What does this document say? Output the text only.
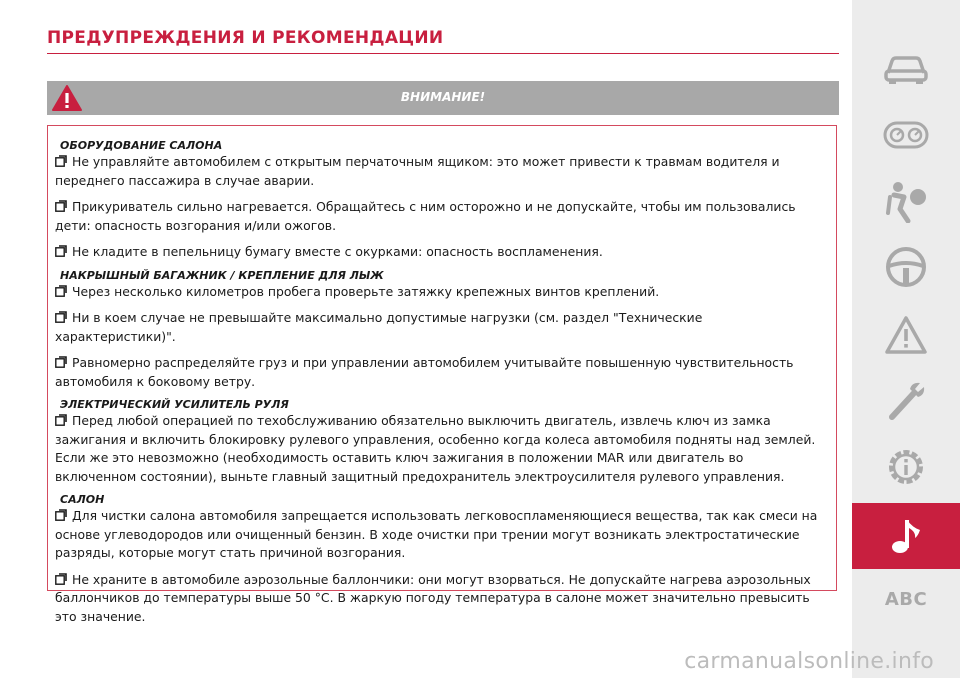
ПРЕДУПРЕЖДЕНИЯ И РЕКОМЕНДАЦИИ
ВНИМАНИЕ!
ОБОРУДОВАНИЕ САЛОНА
Не управляйте автомобилем с открытым перчаточным ящиком: это может привести к травмам водителя и переднего пассажира в случае аварии.
Прикуриватель сильно нагревается. Обращайтесь с ним осторожно и не допускайте, чтобы им пользовались дети: опасность возгорания и/или ожогов.
Не кладите в пепельницу бумагу вместе с окурками: опасность воспламенения.
НАКРЫШНЫЙ БАГАЖНИК / КРЕПЛЕНИЕ ДЛЯ ЛЫЖ
Через несколько километров пробега проверьте затяжку крепежных винтов креплений.
Ни в коем случае не превышайте максимально допустимые нагрузки (см. раздел "Технические характеристики)".
Равномерно распределяйте груз и при управлении автомобилем учитывайте повышенную чувствительность автомобиля к боковому ветру.
ЭЛЕКТРИЧЕСКИЙ УСИЛИТЕЛЬ РУЛЯ
Перед любой операцией по техобслуживанию обязательно выключить двигатель, извлечь ключ из замка зажигания и включить блокировку рулевого управления, особенно когда колеса автомобиля подняты над землей. Если же это невозможно (необходимость оставить ключ зажигания в положении MAR или двигатель во включенном состоянии), выньте главный защитный предохранитель электроусилителя рулевого управления.
САЛОН
Для чистки салона автомобиля запрещается использовать легковоспламеняющиеся вещества, так как смеси на основе углеводородов или очищенный бензин. В ходе очистки при трении могут возникать электростатические разряды, которые могут стать причиной возгорания.
Не храните в автомобиле аэрозольные баллончики: они могут взорваться. Не допускайте нагрева аэрозольных баллончиков до температуры выше 50 °C. В жаркую погоду температура в салоне может значительно превысить это значение.
ABC
carmanualsonline.info
